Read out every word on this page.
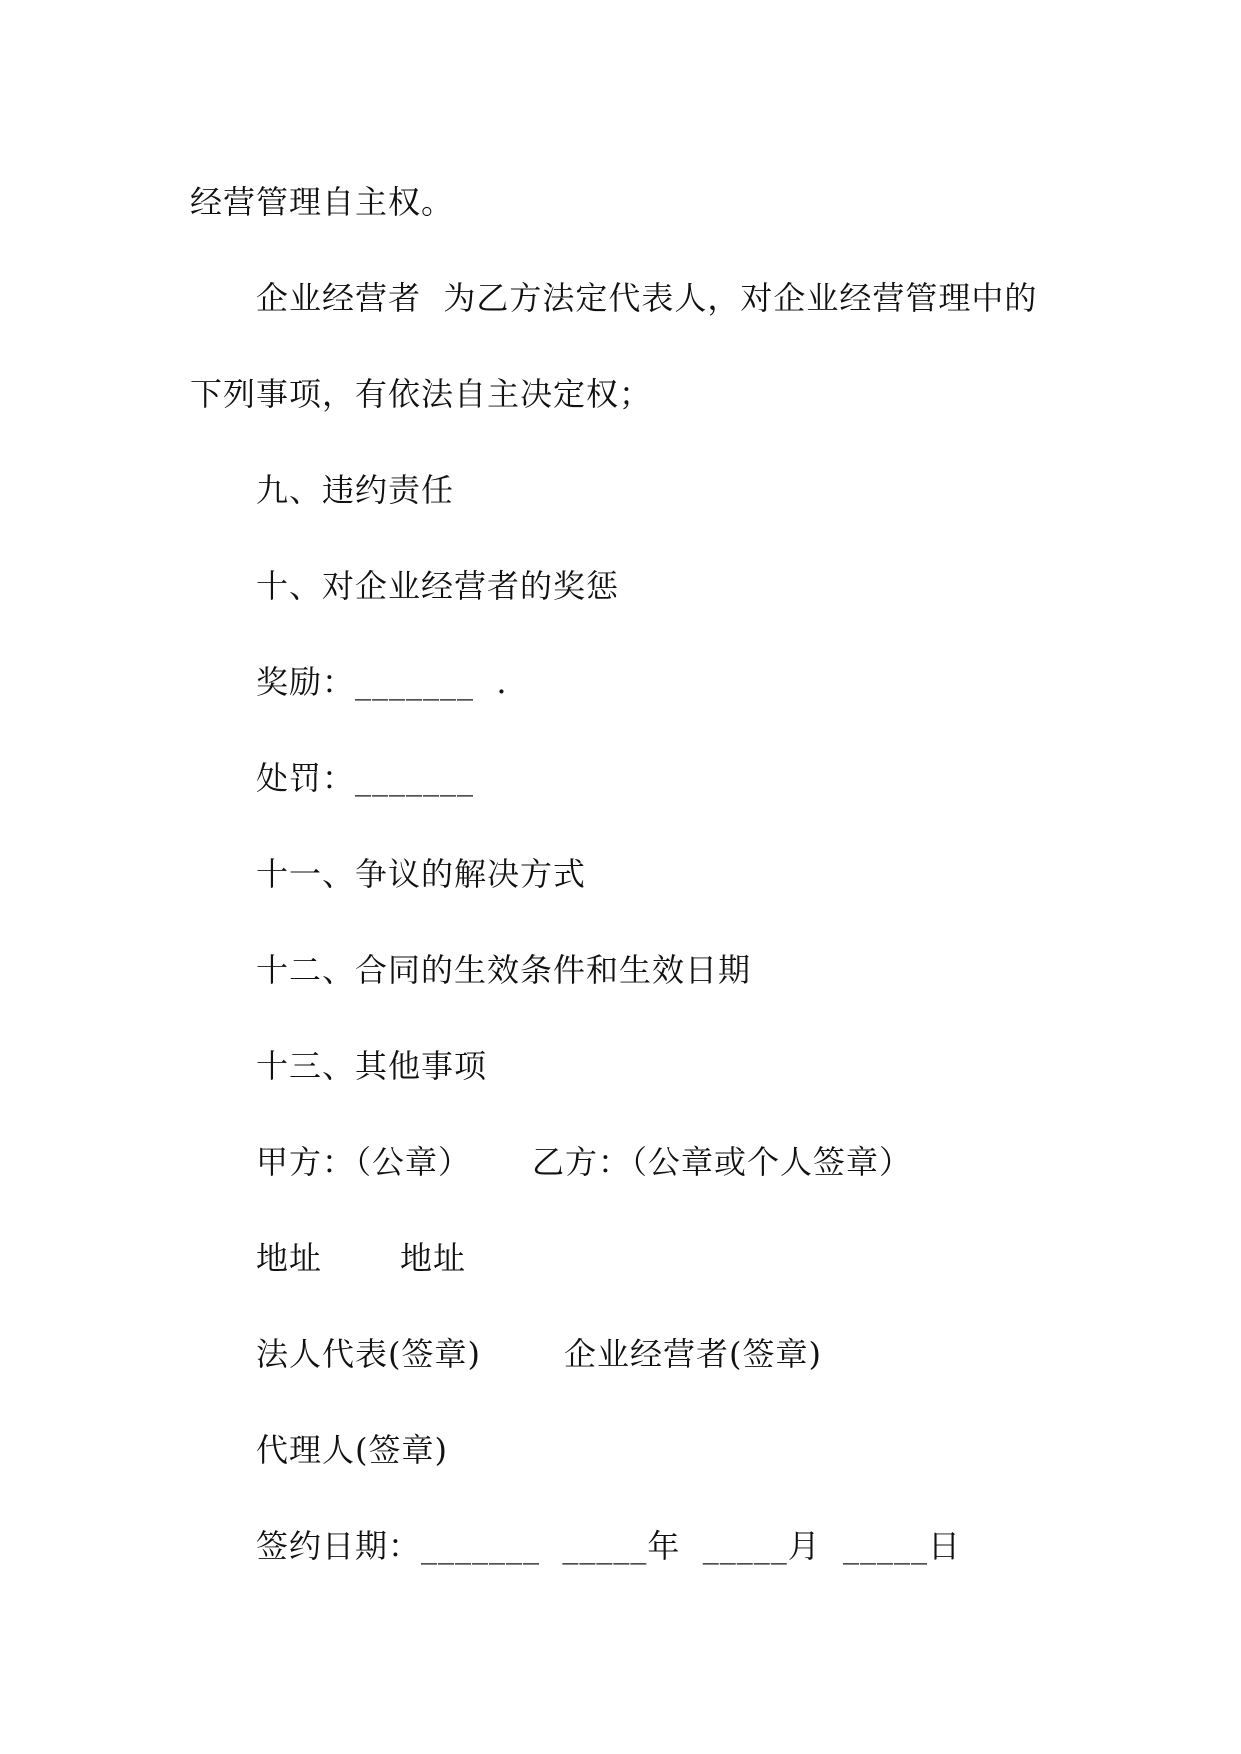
经营管理自主权。
企业经营者  为乙方法定代表人，对企业经营管理中的
下列事项，有依法自主决定权；
九、违约责任
十、对企业经营者的奖惩
奖励：_______  .
处罚：_______
十一、争议的解决方式
十二、合同的生效条件和生效日期
十三、其他事项
甲方：（公章） 乙方：（公章或个人签章）
地址 地址
法人代表(签章)	企业经营者(签章)
代理人(签章)
签约日期：_______  _____年  _____月  _____日
